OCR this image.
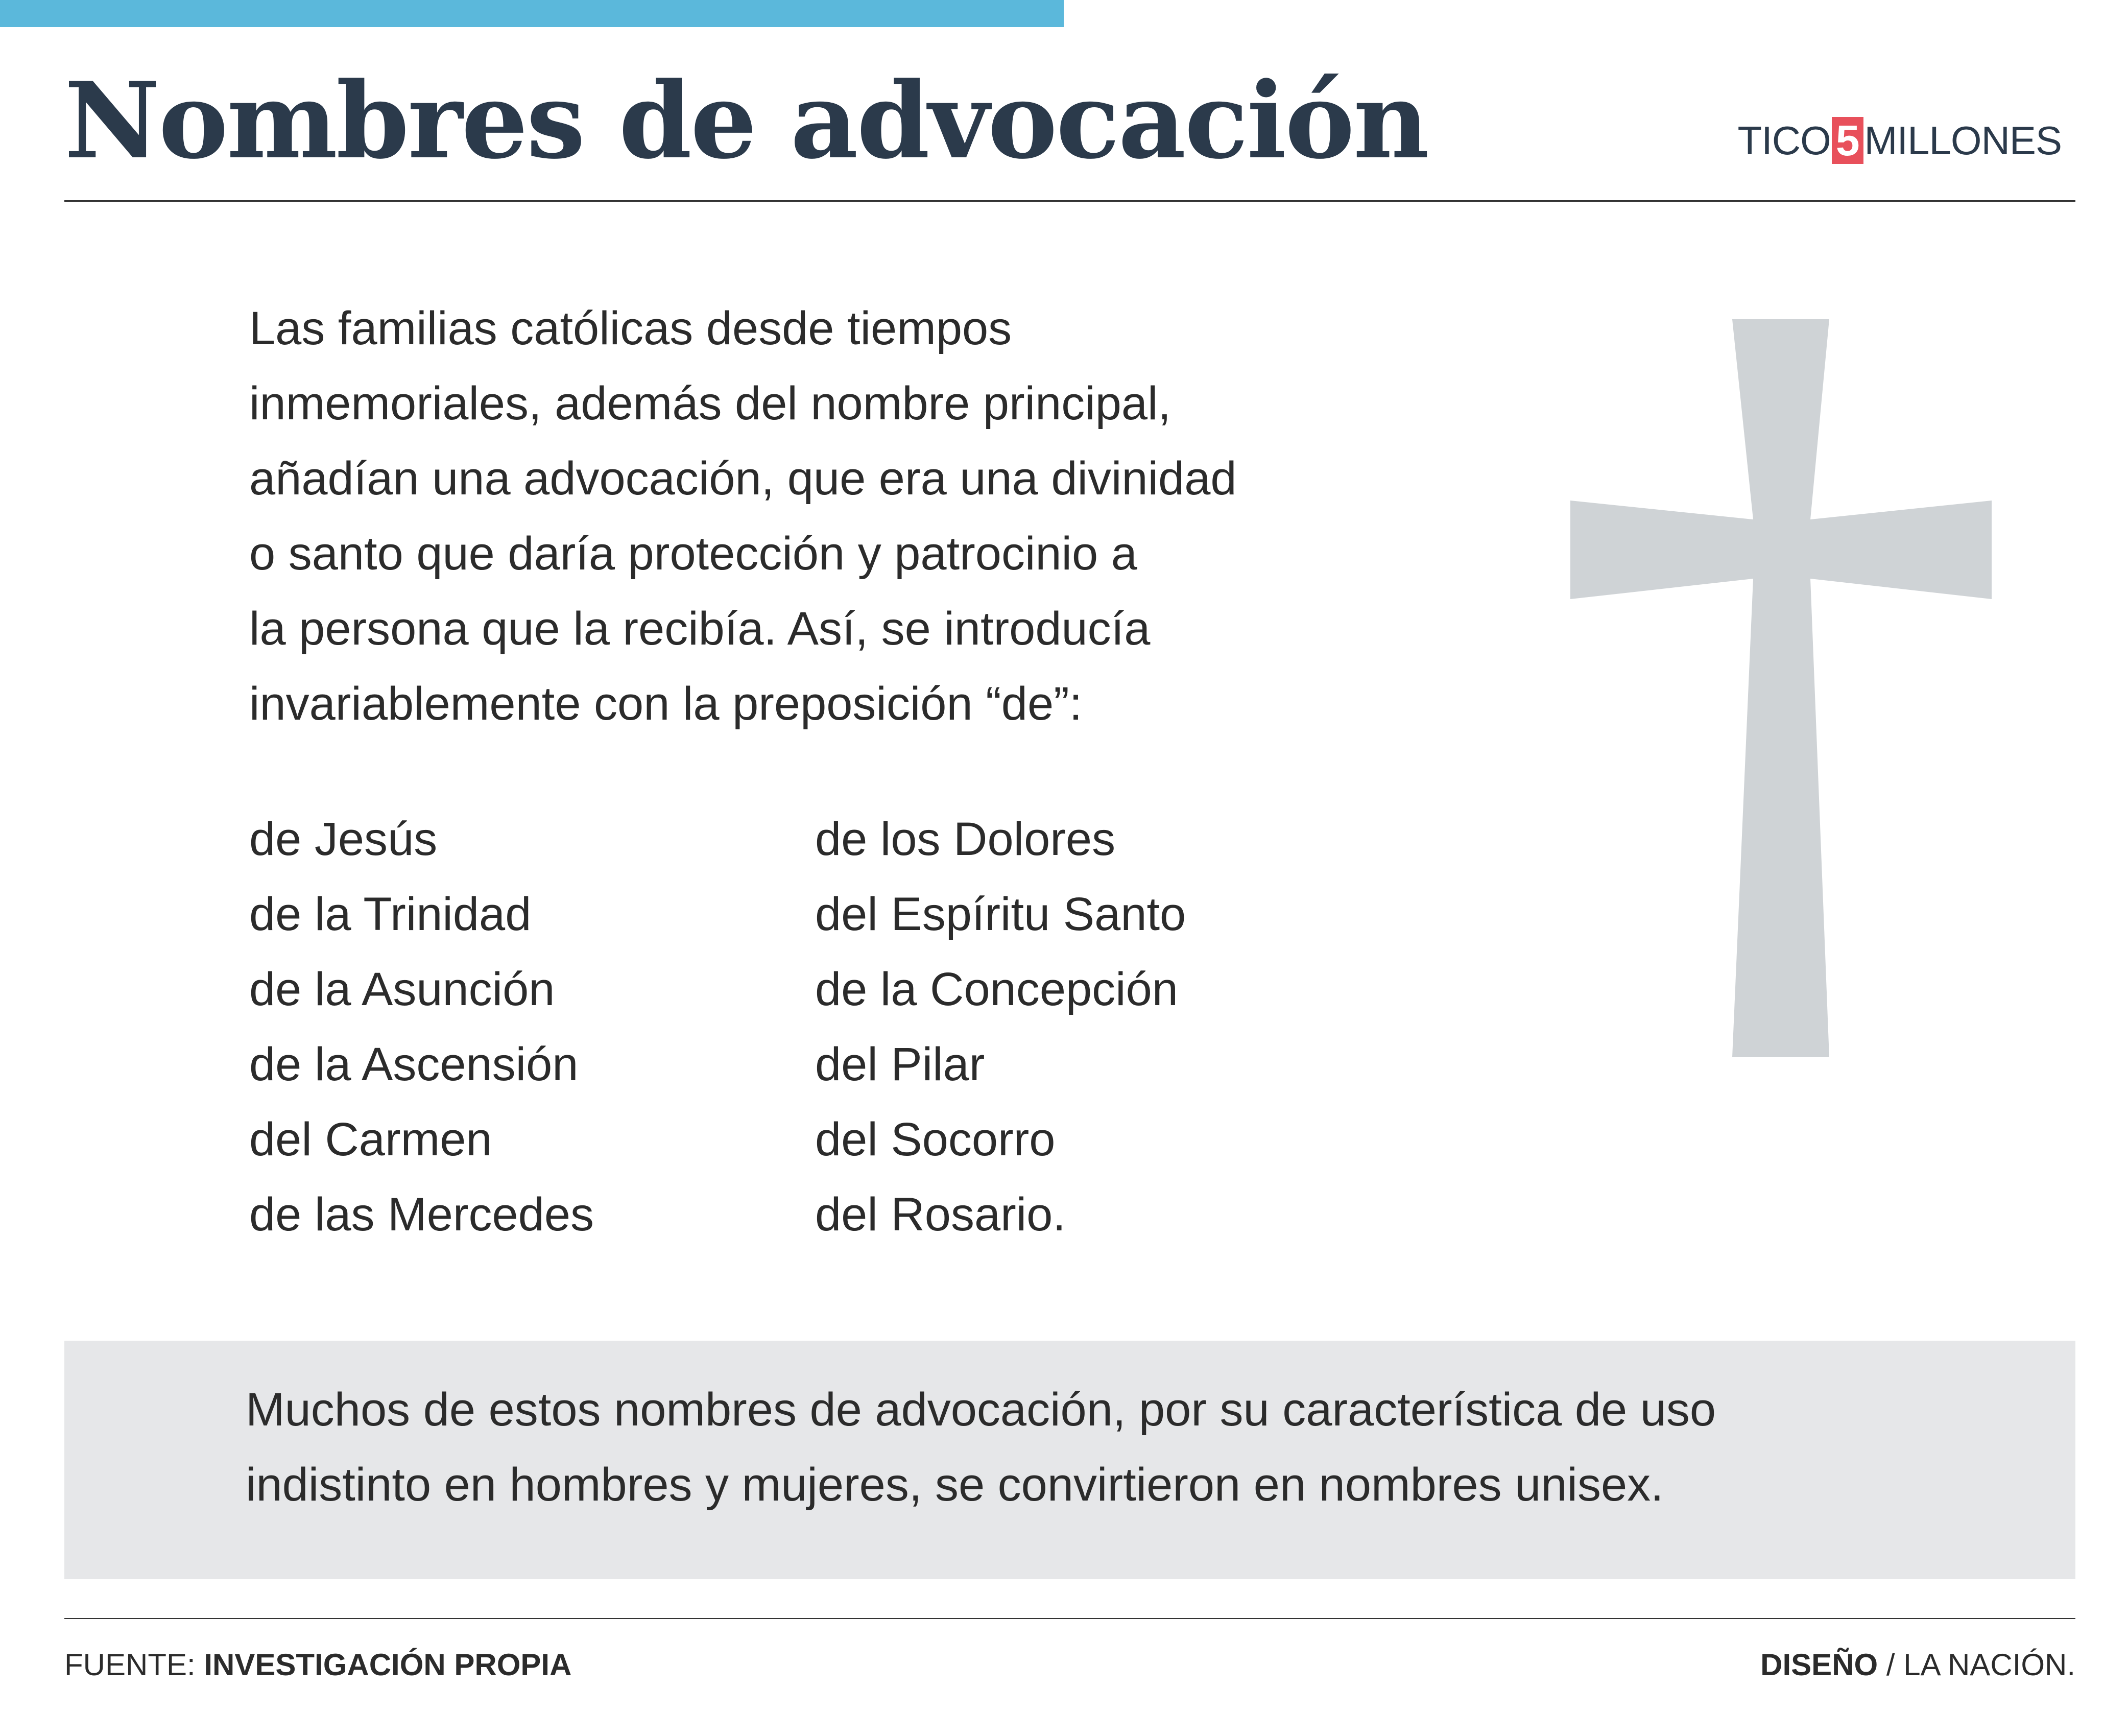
Nombres de advocación	TICO 5 MILLONES

Las familias católicas desde tiempos
inmemoriales, además del nombre principal,
añadían una advocación, que era una divinidad
o santo que daría protección y patrocinio a
la persona que la recibía. Así, se introducía
invariablemente con la preposición “de”:

de Jesús
de la Trinidad
de la Asunción
de la Ascensión
del Carmen
de las Mercedes
de los Dolores
del Espíritu Santo
de la Concepción
del Pilar
del Socorro
del Rosario.

Muchos de estos nombres de advocación, por su característica de uso
indistinto en hombres y mujeres, se convirtieron en nombres unisex.

FUENTE: INVESTIGACIÓN PROPIA	DISEÑO / LA NACIÓN.
